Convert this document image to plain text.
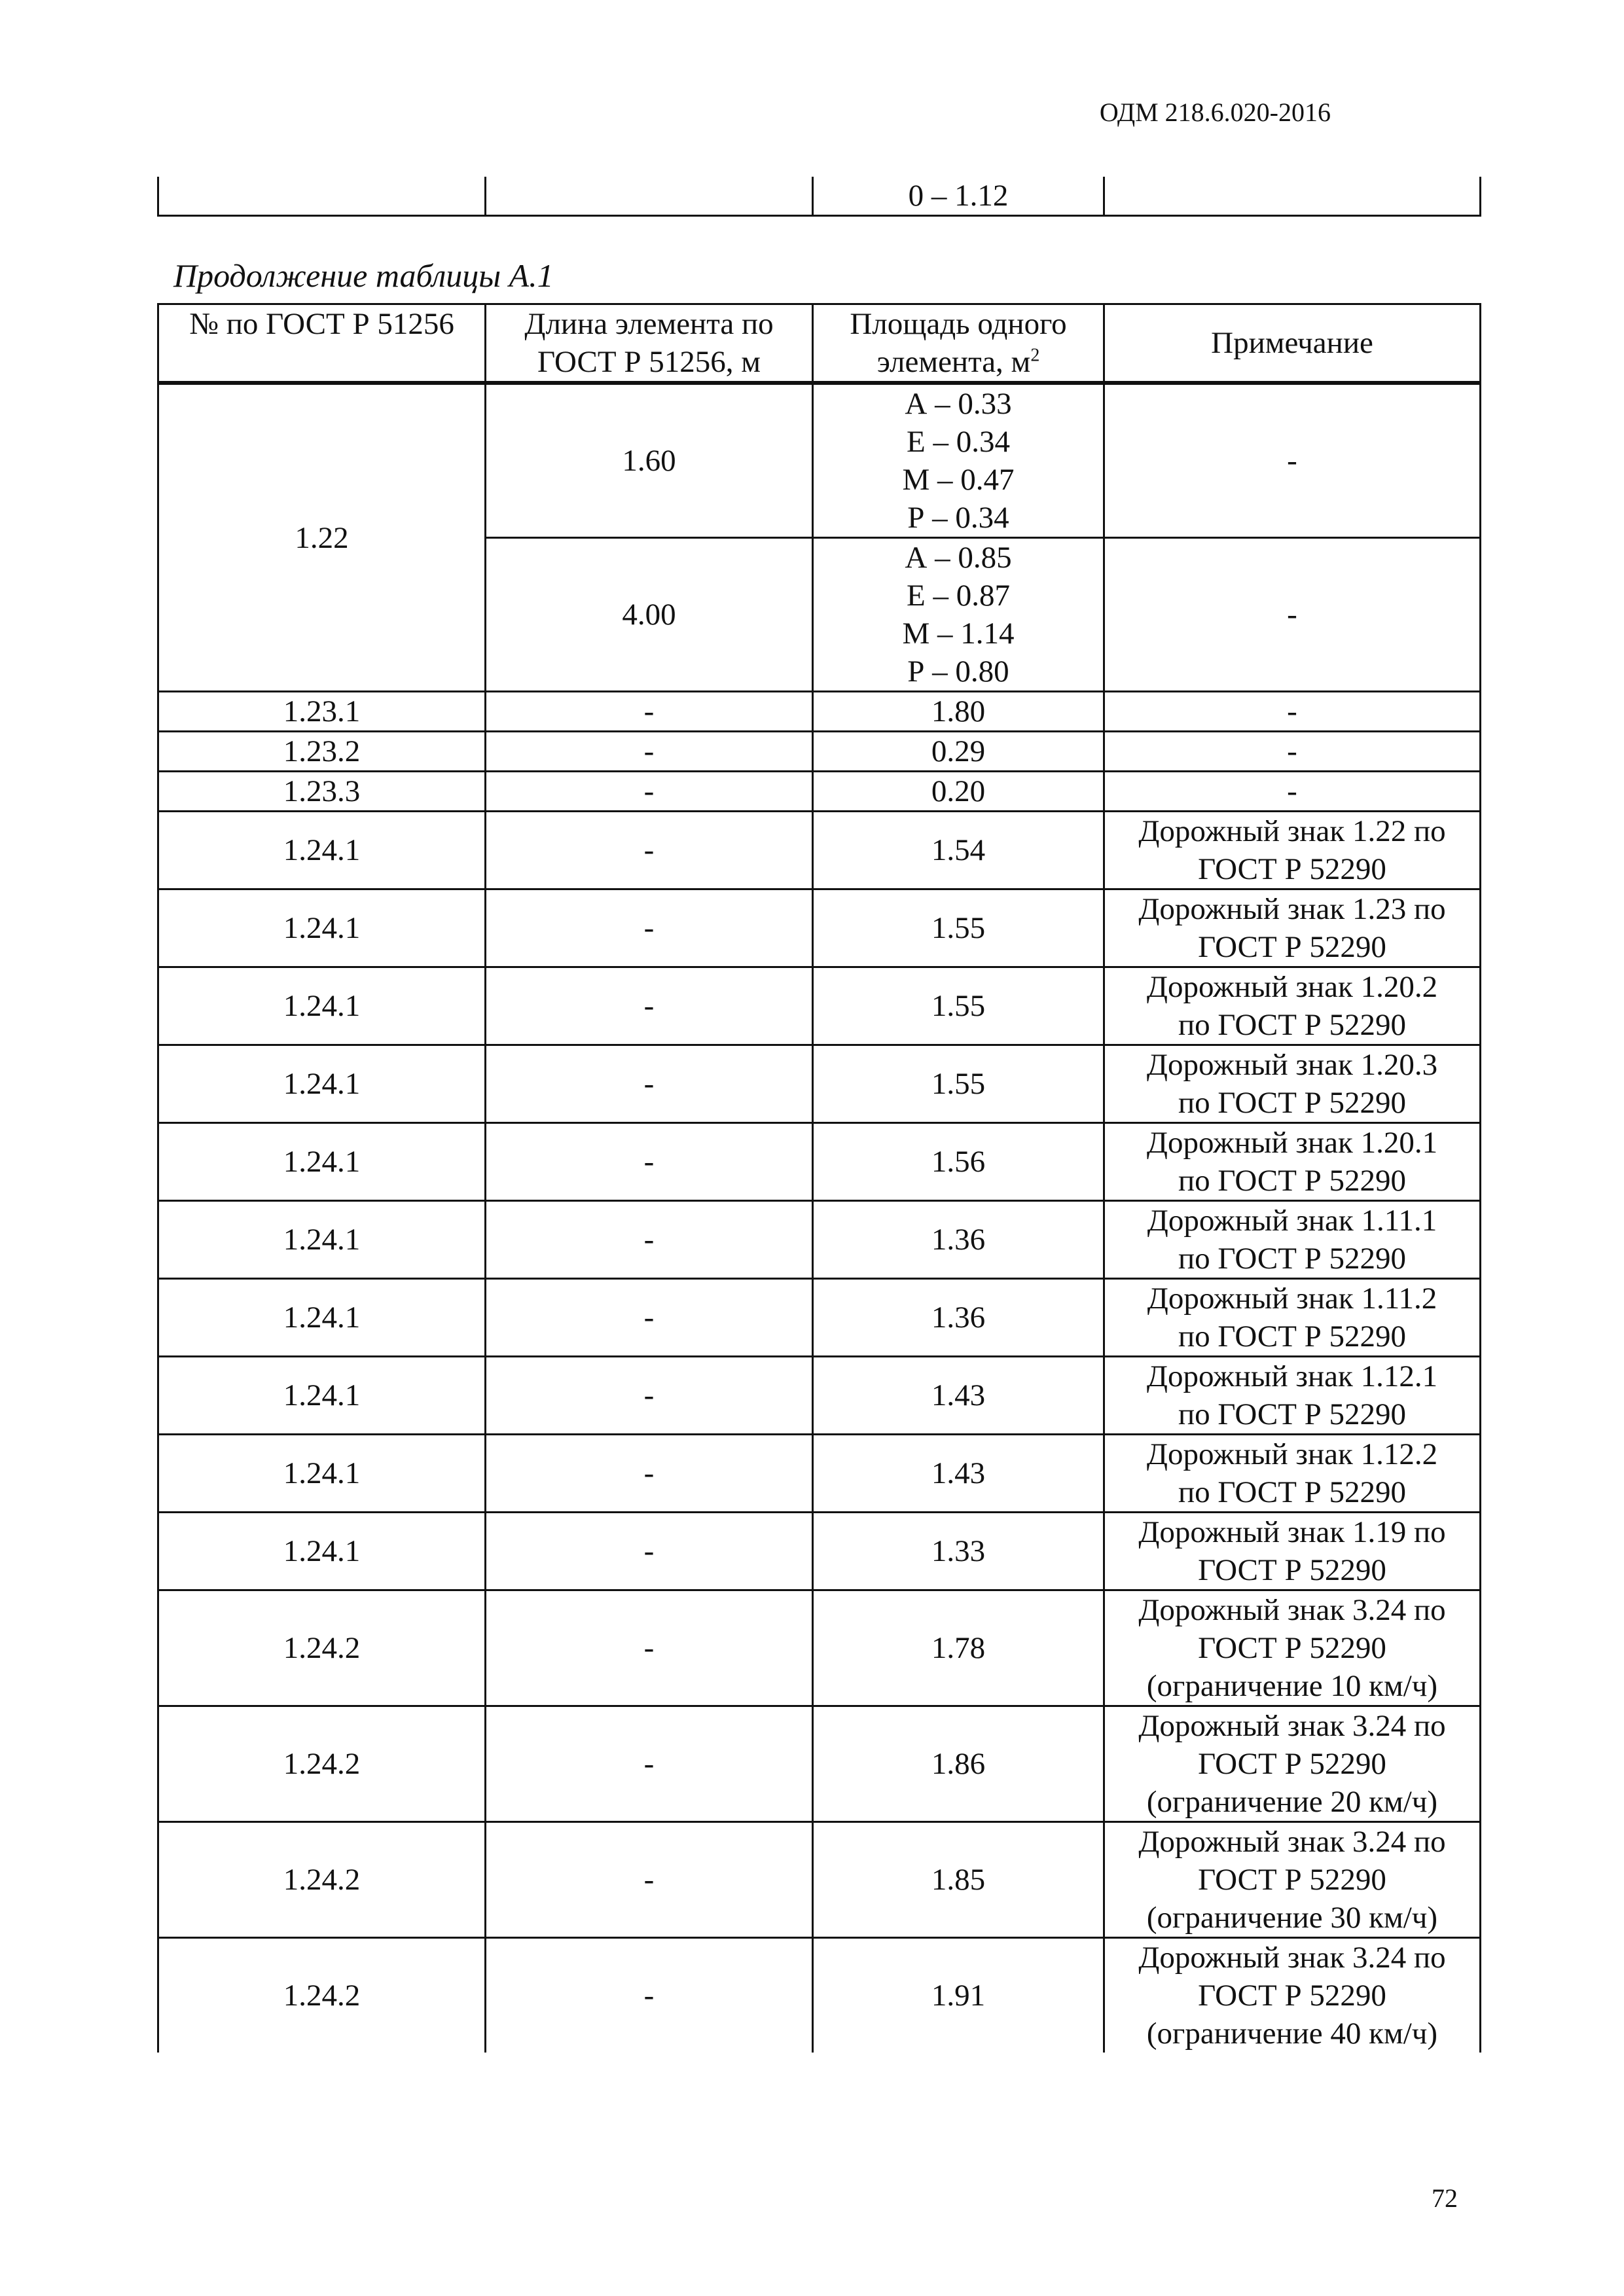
ОДМ 218.6.020-2016
		0 – 1.12	
Продолжение таблицы А.1
№ по ГОСТ Р 51256	Длина элемента по ГОСТ Р 51256, м	Площадь одного элемента, $м^2$	Примечание
1.22	1.60	А – 0.33
Е – 0.34
М – 0.47
Р – 0.34	-
	4.00	А – 0.85
Е – 0.87
М – 1.14
Р – 0.80	-
1.23.1	-	1.80	-

1.23.2	-	0.29	-

1.23.3	-	0.20	-

1.24.1	-	1.54	Дорожный знак 1.22 по
ГОСТ Р 52290

1.24.1	-	1.55	Дорожный знак 1.23 по
ГОСТ Р 52290

1.24.1	-	1.55	Дорожный знак 1.20.2
по ГОСТ Р 52290

1.24.1	-	1.55	Дорожный знак 1.20.3
по ГОСТ Р 52290

1.24.1	-	1.56	Дорожный знак 1.20.1
по ГОСТ Р 52290

1.24.1	-	1.36	Дорожный знак 1.11.1
по ГОСТ Р 52290

1.24.1	-	1.36	Дорожный знак 1.11.2
по ГОСТ Р 52290

1.24.1	-	1.43	Дорожный знак 1.12.1
по ГОСТ Р 52290

1.24.1	-	1.43	Дорожный знак 1.12.2
по ГОСТ Р 52290

1.24.1	-	1.33	Дорожный знак 1.19 по
ГОСТ Р 52290

1.24.2	-	1.78	Дорожный знак 3.24 по
ГОСТ Р 52290
(ограничение 10 км/ч)

1.24.2	-	1.86	Дорожный знак 3.24 по
ГОСТ Р 52290
(ограничение 20 км/ч)

1.24.2	-	1.85	Дорожный знак 3.24 по
ГОСТ Р 52290
(ограничение 30 км/ч)

1.24.2	-	1.91	Дорожный знак 3.24 по
ГОСТ Р 52290
(ограничение 40 км/ч)
72
